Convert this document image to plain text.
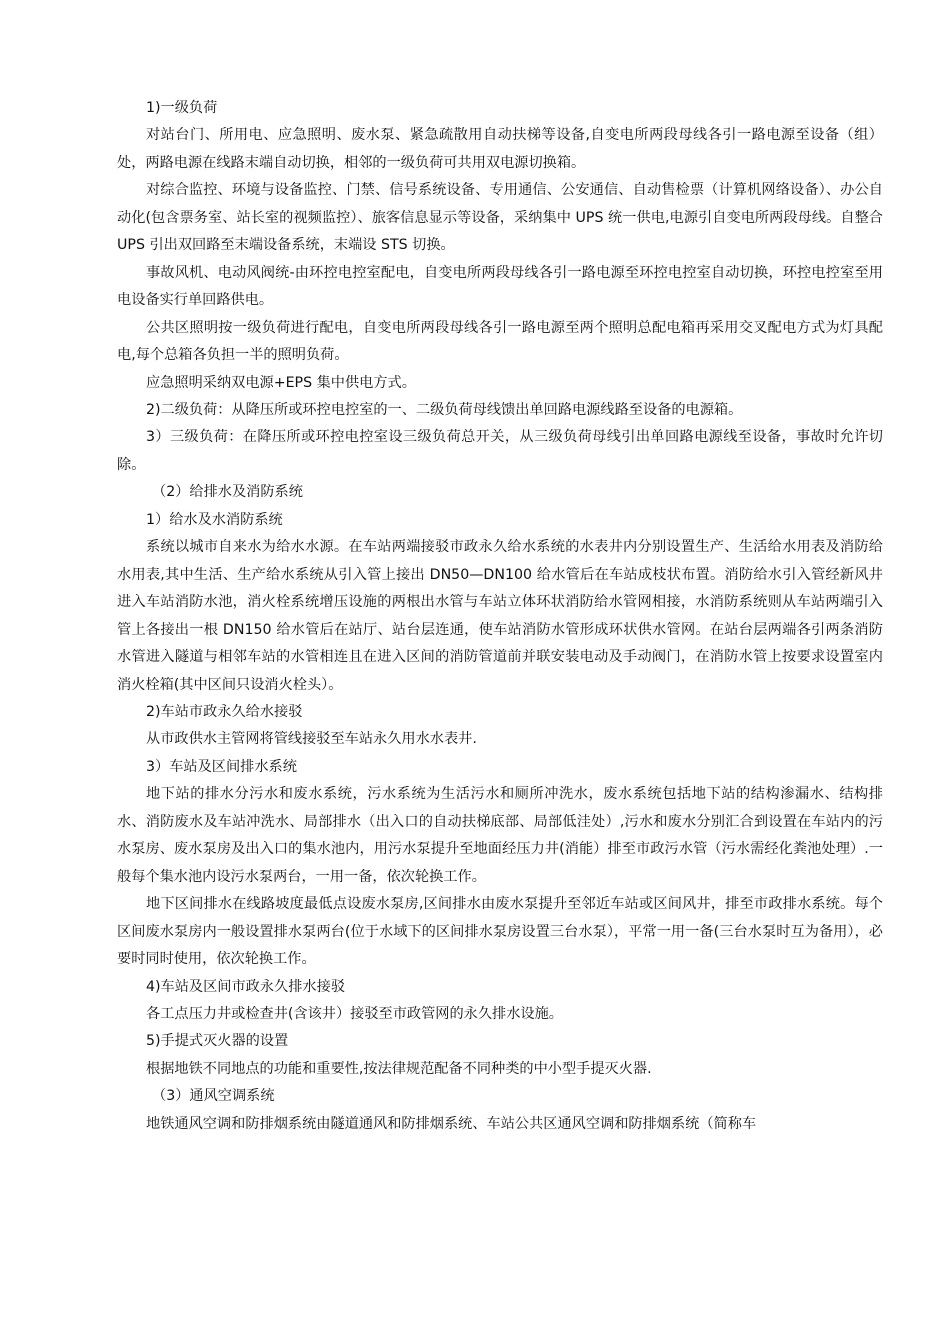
1)一级负荷

对站台门、所用电、应急照明、废水泵、紧急疏散用自动扶梯等设备,自变电所两段母线各引一路电源至设备（组）处，两路电源在线路末端自动切换，相邻的一级负荷可共用双电源切换箱。

对综合监控、环境与设备监控、门禁、信号系统设备、专用通信、公安通信、自动售检票（计算机网络设备）、办公自动化(包含票务室、站长室的视频监控）、旅客信息显示等设备，采纳集中 UPS 统一供电,电源引自变电所两段母线。自整合 UPS 引出双回路至末端设备系统，末端设 STS 切换。

事故风机、电动风阀统-由环控电控室配电，自变电所两段母线各引一路电源至环控电控室自动切换，环控电控室至用电设备实行单回路供电。

公共区照明按一级负荷进行配电，自变电所两段母线各引一路电源至两个照明总配电箱再采用交叉配电方式为灯具配电,每个总箱各负担一半的照明负荷。

应急照明采纳双电源+EPS 集中供电方式。

2)二级负荷：从降压所或环控电控室的一、二级负荷母线馈出单回路电源线路至设备的电源箱。

3）三级负荷：在降压所或环控电控室设三级负荷总开关，从三级负荷母线引出单回路电源线至设备，事故时允许切除。

（2）给排水及消防系统

1）给水及水消防系统

系统以城市自来水为给水水源。在车站两端接驳市政永久给水系统的水表井内分别设置生产、生活给水用表及消防给水用表,其中生活、生产给水系统从引入管上接出 DN50—DN100 给水管后在车站成枝状布置。消防给水引入管经新风井进入车站消防水池，消火栓系统增压设施的两根出水管与车站立体环状消防给水管网相接，水消防系统则从车站两端引入管上各接出一根 DN150 给水管后在站厅、站台层连通，使车站消防水管形成环状供水管网。在站台层两端各引两条消防水管进入隧道与相邻车站的水管相连且在进入区间的消防管道前并联安装电动及手动阀门，在消防水管上按要求设置室内消火栓箱(其中区间只设消火栓头）。

2)车站市政永久给水接驳

从市政供水主管网将管线接驳至车站永久用水水表井.

3）车站及区间排水系统

地下站的排水分污水和废水系统，污水系统为生活污水和厕所冲洗水，废水系统包括地下站的结构渗漏水、结构排水、消防废水及车站冲洗水、局部排水（出入口的自动扶梯底部、局部低洼处）,污水和废水分别汇合到设置在车站内的污水泵房、废水泵房及出入口的集水池内，用污水泵提升至地面经压力井(消能）排至市政污水管（污水需经化粪池处理）.一般每个集水池内设污水泵两台，一用一备，依次轮换工作。

地下区间排水在线路坡度最低点设废水泵房,区间排水由废水泵提升至邻近车站或区间风井，排至市政排水系统。每个区间废水泵房内一般设置排水泵两台(位于水域下的区间排水泵房设置三台水泵），平常一用一备(三台水泵时互为备用），必要时同时使用，依次轮换工作。

4)车站及区间市政永久排水接驳

各工点压力井或检查井(含该井）接驳至市政管网的永久排水设施。

5)手提式灭火器的设置

根据地铁不同地点的功能和重要性,按法律规范配备不同种类的中小型手提灭火器.

（3）通风空调系统

地铁通风空调和防排烟系统由隧道通风和防排烟系统、车站公共区通风空调和防排烟系统（简称车
